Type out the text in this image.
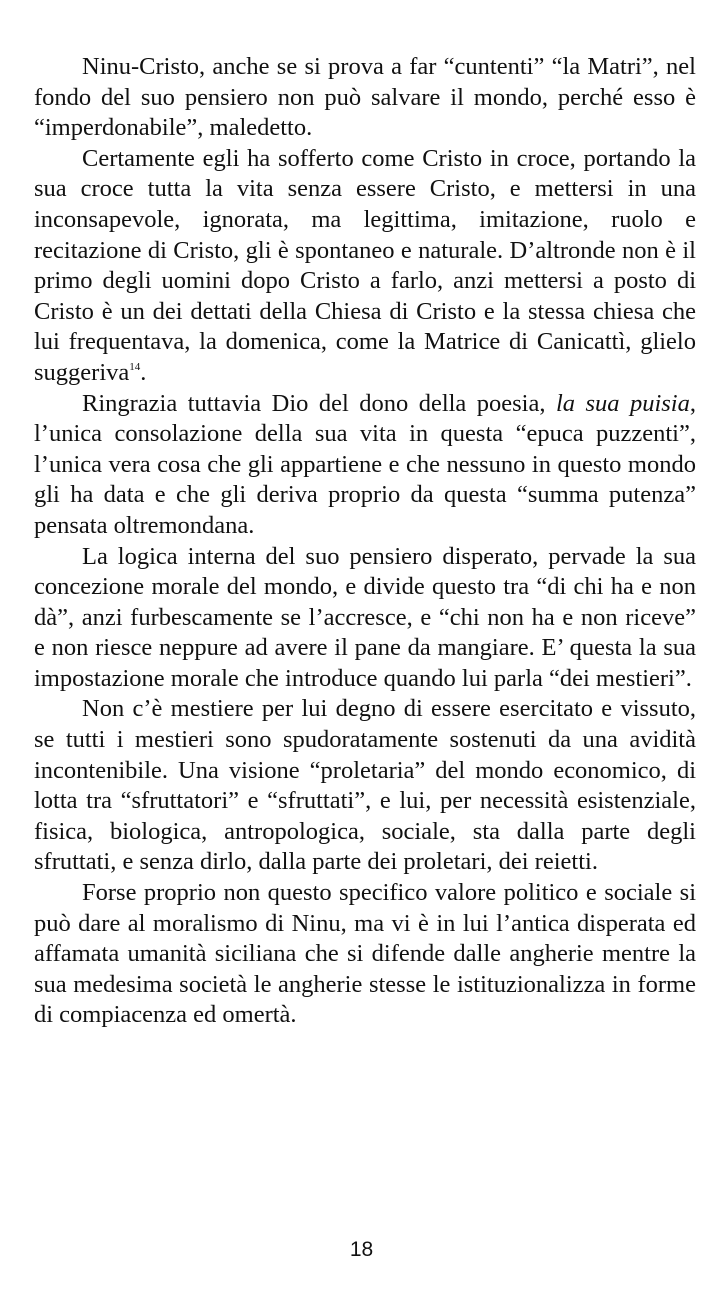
Ninu-Cristo, anche se si prova a far “cuntenti” “la Matri”, nel fondo del suo pensiero non può salvare il mondo, perché esso è “imperdonabile”, maledetto.

Certamente egli ha sofferto come Cristo in croce, portando la sua croce tutta la vita senza essere Cristo, e mettersi in una inconsapevole, ignorata, ma legittima, imitazione, ruolo e recitazione di Cristo, gli è spontaneo e naturale. D’altronde non è il primo degli uomini dopo Cristo a farlo, anzi mettersi a posto di Cristo è un dei dettati della Chiesa di Cristo e la stessa chiesa che lui frequentava, la domenica, come la Matrice di Canicattì, glielo suggeriva$^{14}$.

Ringrazia tuttavia Dio del dono della poesia, la sua puisia, l’unica consolazione della sua vita in questa “epuca puzzenti”, l’unica vera cosa che gli appartiene e che nessuno in questo mondo gli ha data e che gli deriva proprio da questa “summa putenza” pensata oltremondana.

La logica interna del suo pensiero disperato, pervade la sua concezione morale del mondo, e divide questo tra “di chi ha e non dà”, anzi furbescamente se l’accresce, e “chi non ha e non riceve” e non riesce neppure ad avere il pane da mangiare. E’ questa la sua impostazione morale che introduce quando lui parla “dei mestieri”.

Non c’è mestiere per lui degno di essere esercitato e vissuto, se tutti i mestieri sono spudoratamente sostenuti da una avidità incontenibile. Una visione “proletaria” del mondo economico, di lotta tra “sfruttatori” e “sfruttati”, e lui, per necessità esistenziale, fisica, biologica, antropologica, sociale, sta dalla parte degli sfruttati, e senza dirlo, dalla parte dei proletari, dei reietti.

Forse proprio non questo specifico valore politico e sociale si può dare al moralismo di Ninu, ma vi è in lui l’antica disperata ed affamata umanità siciliana che si difende dalle angherie mentre la sua medesima società le angherie stesse le istituzionalizza in forme di compiacenza ed omertà.

18
